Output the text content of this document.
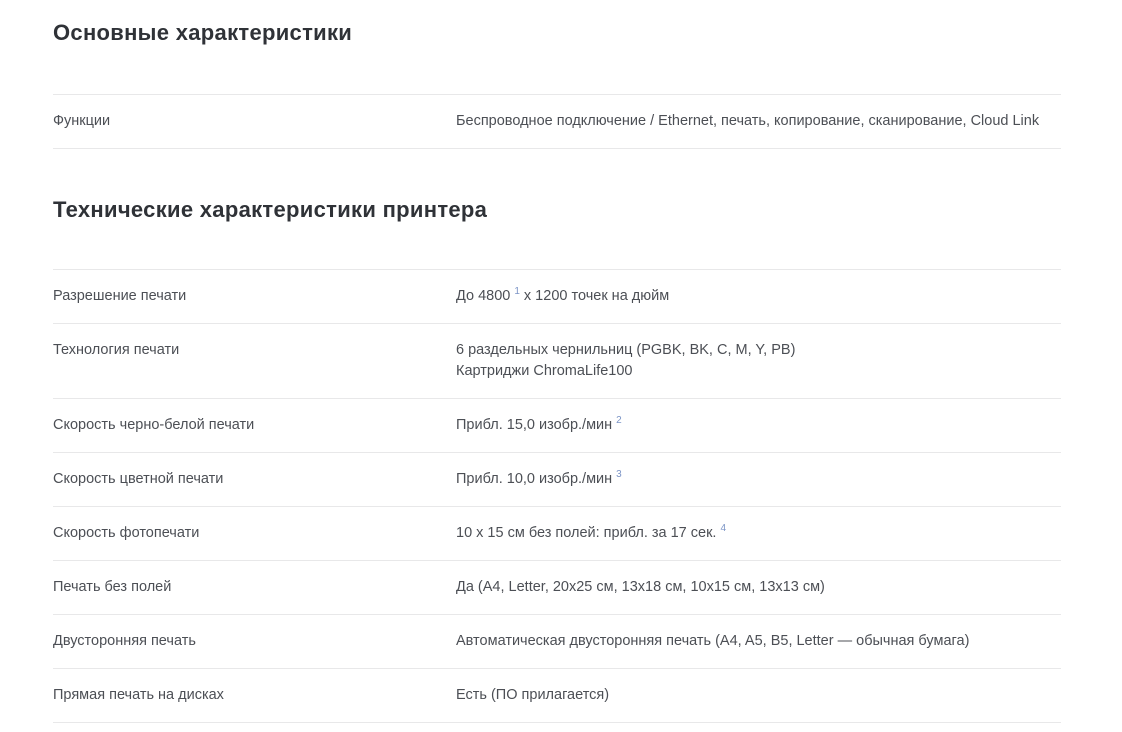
Основные характеристики
Функции	Беспроводное подключение / Ethernet, печать, копирование, сканирование, Cloud Link
Технические характеристики принтера
Разрешение печати	До 4800 $^1$ x 1200 точек на дюйм
Технология печати	6 раздельных чернильниц (PGBK, BK, C, M, Y, PB)
Картриджи ChromaLife100
Скорость черно-белой печати	Прибл. 15,0 изобр./мин $^2$
Скорость цветной печати	Прибл. 10,0 изобр./мин $^3$
Скорость фотопечати	10 x 15 см без полей: прибл. за 17 сек. $^4$
Печать без полей	Да (A4, Letter, 20x25 см, 13x18 см, 10x15 см, 13x13 см)
Двусторонняя печать	Автоматическая двусторонняя печать (A4, A5, B5, Letter — обычная бумага)
Прямая печать на дисках	Есть (ПО прилагается)
